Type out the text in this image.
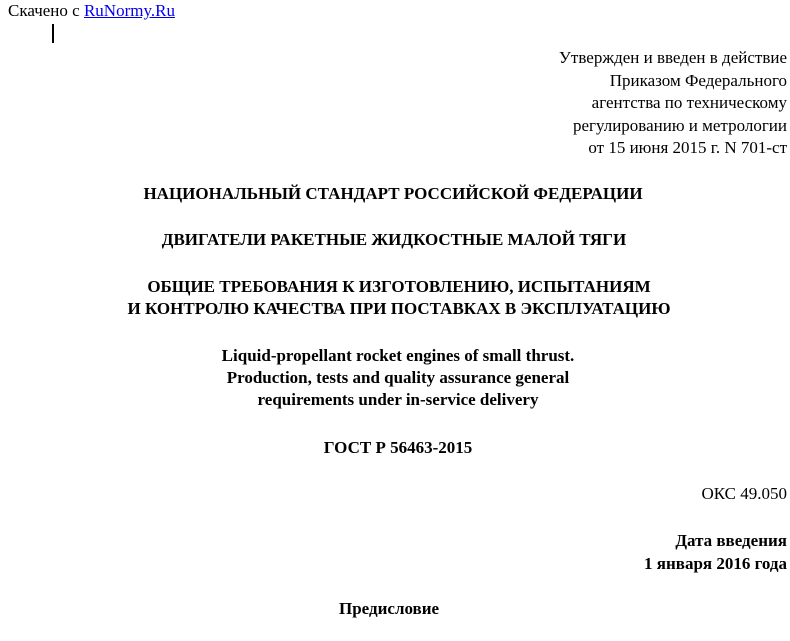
Скачено с RuNormy.Ru
Утвержден и введен в действие
Приказом Федерального
агентства по техническому
регулированию и метрологии
от 15 июня 2015 г. N 701-ст
НАЦИОНАЛЬНЫЙ СТАНДАРТ РОССИЙСКОЙ ФЕДЕРАЦИИ
ДВИГАТЕЛИ РАКЕТНЫЕ ЖИДКОСТНЫЕ МАЛОЙ ТЯГИ
ОБЩИЕ ТРЕБОВАНИЯ К ИЗГОТОВЛЕНИЮ, ИСПЫТАНИЯМ
И КОНТРОЛЮ КАЧЕСТВА ПРИ ПОСТАВКАХ В ЭКСПЛУАТАЦИЮ
Liquid-propellant rocket engines of small thrust.
Production, tests and quality assurance general
requirements under in-service delivery
ГОСТ Р 56463-2015
ОКС 49.050
Дата введения
1 января 2016 года
Предисловие
